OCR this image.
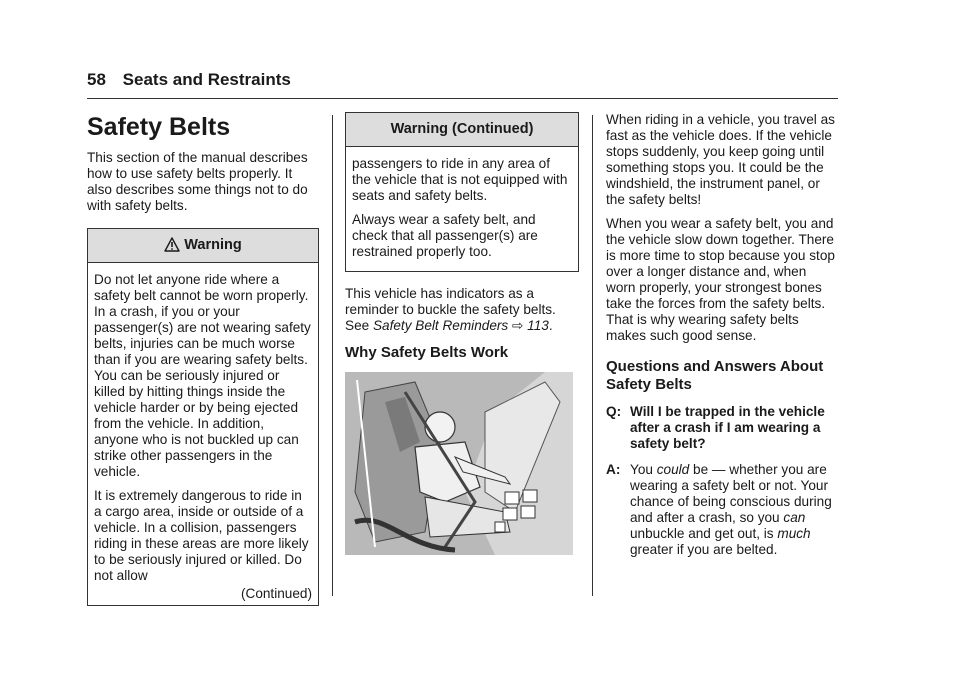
58 Seats and Restraints
Safety Belts

This section of the manual describes how to use safety belts properly. It also describes some things not to do with safety belts.

Warning

Do not let anyone ride where a safety belt cannot be worn properly. In a crash, if you or your passenger(s) are not wearing safety belts, injuries can be much worse than if you are wearing safety belts. You can be seriously injured or killed by hitting things inside the vehicle harder or by being ejected from the vehicle. In addition, anyone who is not buckled up can strike other passengers in the vehicle.

It is extremely dangerous to ride in a cargo area, inside or outside of a vehicle. In a collision, passengers riding in these areas are more likely to be seriously injured or killed. Do not allow

(Continued)
Warning (Continued)

passengers to ride in any area of the vehicle that is not equipped with seats and safety belts.

Always wear a safety belt, and check that all passenger(s) are restrained properly too.

This vehicle has indicators as a reminder to buckle the safety belts. See Safety Belt Reminders ⇨ 113.

Why Safety Belts Work

When riding in a vehicle, you travel as fast as the vehicle does. If the vehicle stops suddenly, you keep going until something stops you. It could be the windshield, the instrument panel, or the safety belts!

When you wear a safety belt, you and the vehicle slow down together. There is more time to stop because you stop over a longer distance and, when worn properly, your strongest bones take the forces from the safety belts. That is why wearing safety belts makes such good sense.

Questions and Answers About Safety Belts
Q: Will I be trapped in the vehicle after a crash if I am wearing a safety belt?
A: You could be — whether you are wearing a safety belt or not. Your chance of being conscious during and after a crash, so you can unbuckle and get out, is much greater if you are belted.
